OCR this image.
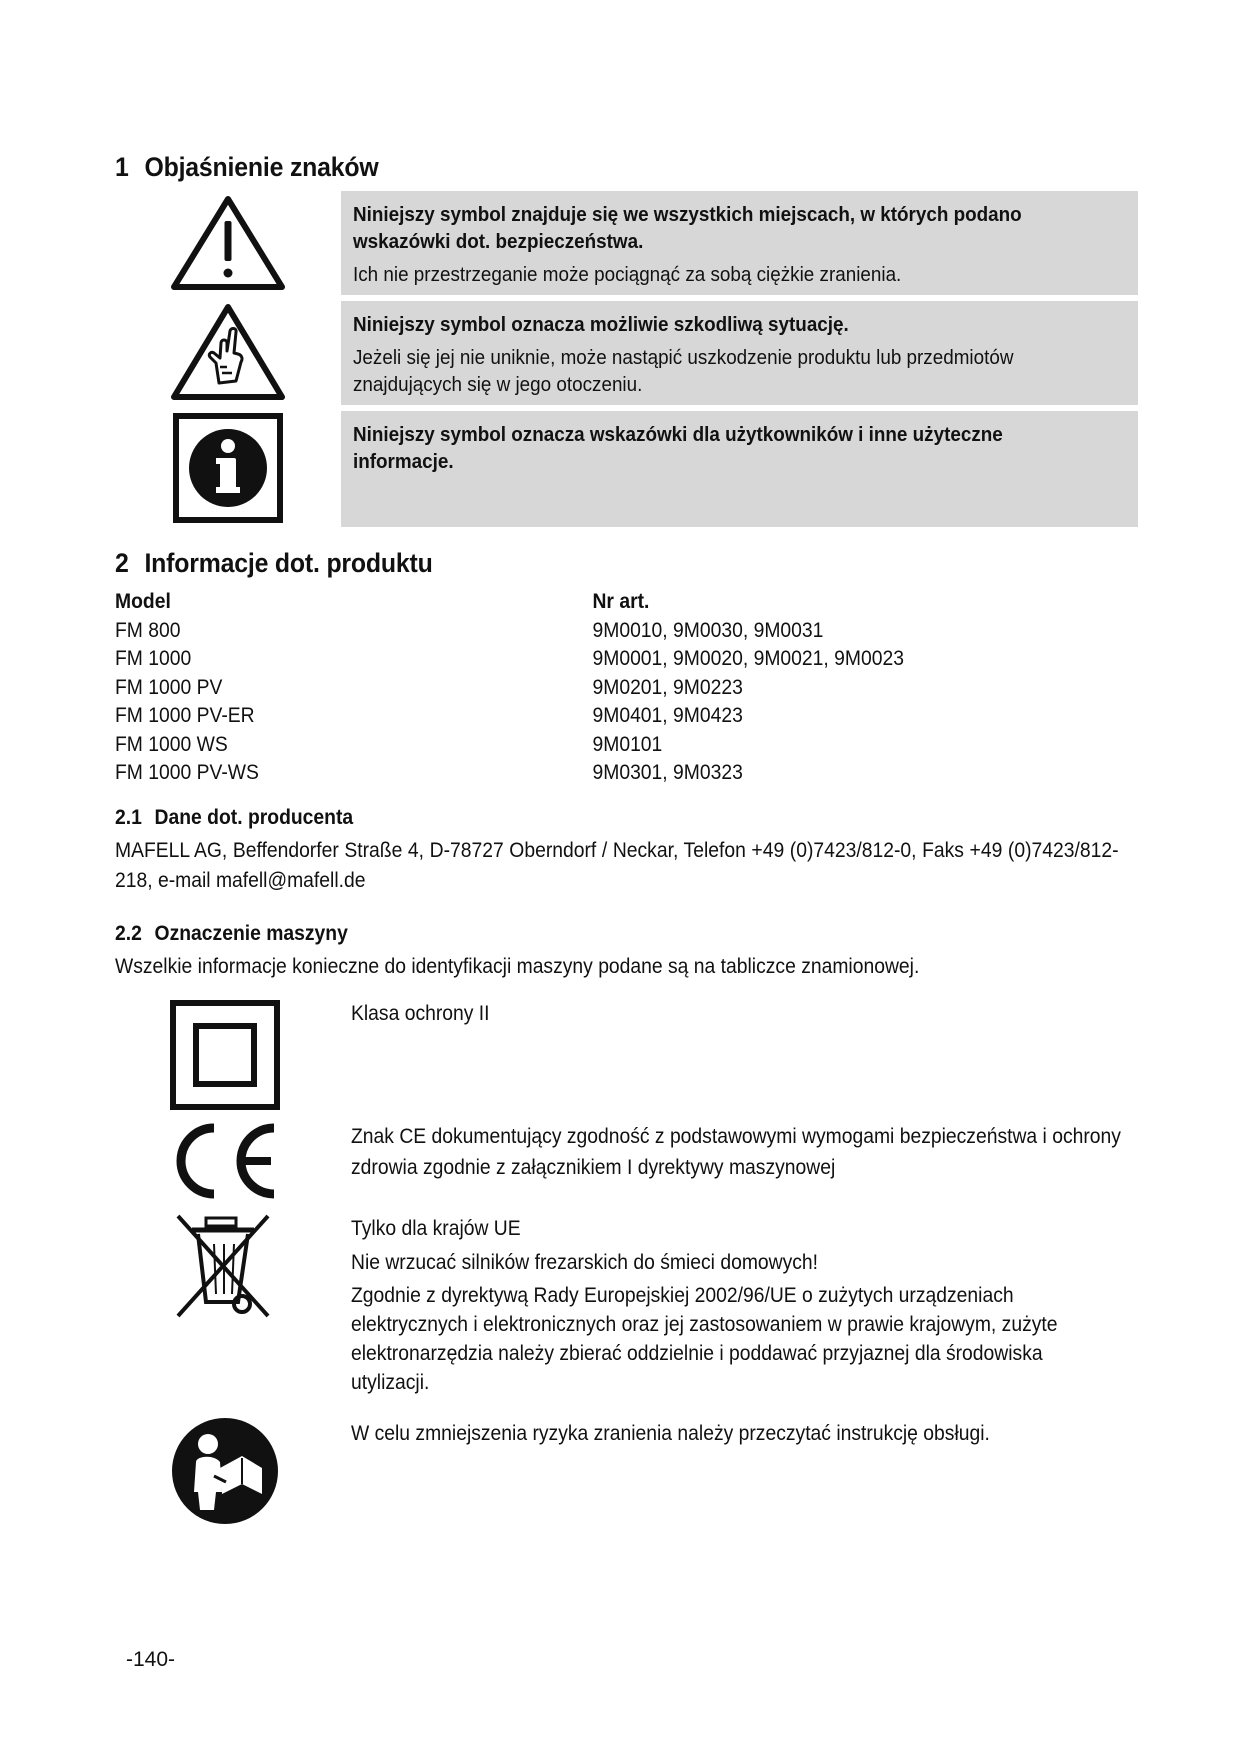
1 Objaśnienie znaków

Niniejszy symbol znajduje się we wszystkich miejscach, w których podano wskazówki dot. bezpieczeństwa.

Ich nie przestrzeganie może pociągnąć za sobą ciężkie zranienia.

Niniejszy symbol oznacza możliwie szkodliwą sytuację.

Jeżeli się jej nie uniknie, może nastąpić uszkodzenie produktu lub przedmiotów znajdujących się w jego otoczeniu.

Niniejszy symbol oznacza wskazówki dla użytkowników i inne użyteczne informacje.

2 Informacje dot. produktu
Model	Nr art.
FM 800	9M0010, 9M0030, 9M0031
FM 1000	9M0001, 9M0020, 9M0021, 9M0023
FM 1000 PV	9M0201, 9M0223
FM 1000 PV-ER	9M0401, 9M0423
FM 1000 WS	9M0101
FM 1000 PV-WS	9M0301, 9M0323
2.1 Dane dot. producenta
MAFELL AG, Beffendorfer Straße 4, D-78727 Oberndorf / Neckar, Telefon +49 (0)7423/812-0, Faks +49 (0)7423/812-218, e-mail mafell@mafell.de
2.2 Oznaczenie maszyny
Wszelkie informacje konieczne do identyfikacji maszyny podane są na tabliczce znamionowej.

Klasa ochrony II

Znak CE dokumentujący zgodność z podstawowymi wymogami bezpieczeństwa i ochrony zdrowia zgodnie z załącznikiem I dyrektywy maszynowej

Tylko dla krajów UE

Nie wrzucać silników frezarskich do śmieci domowych!

Zgodnie z dyrektywą Rady Europejskiej 2002/96/UE o zużytych urządzeniach elektrycznych i elektronicznych oraz jej zastosowaniem w prawie krajowym, zużyte elektronarzędzia należy zbierać oddzielnie i poddawać przyjaznej dla środowiska utylizacji.

W celu zmniejszenia ryzyka zranienia należy przeczytać instrukcję obsługi.

-140-
